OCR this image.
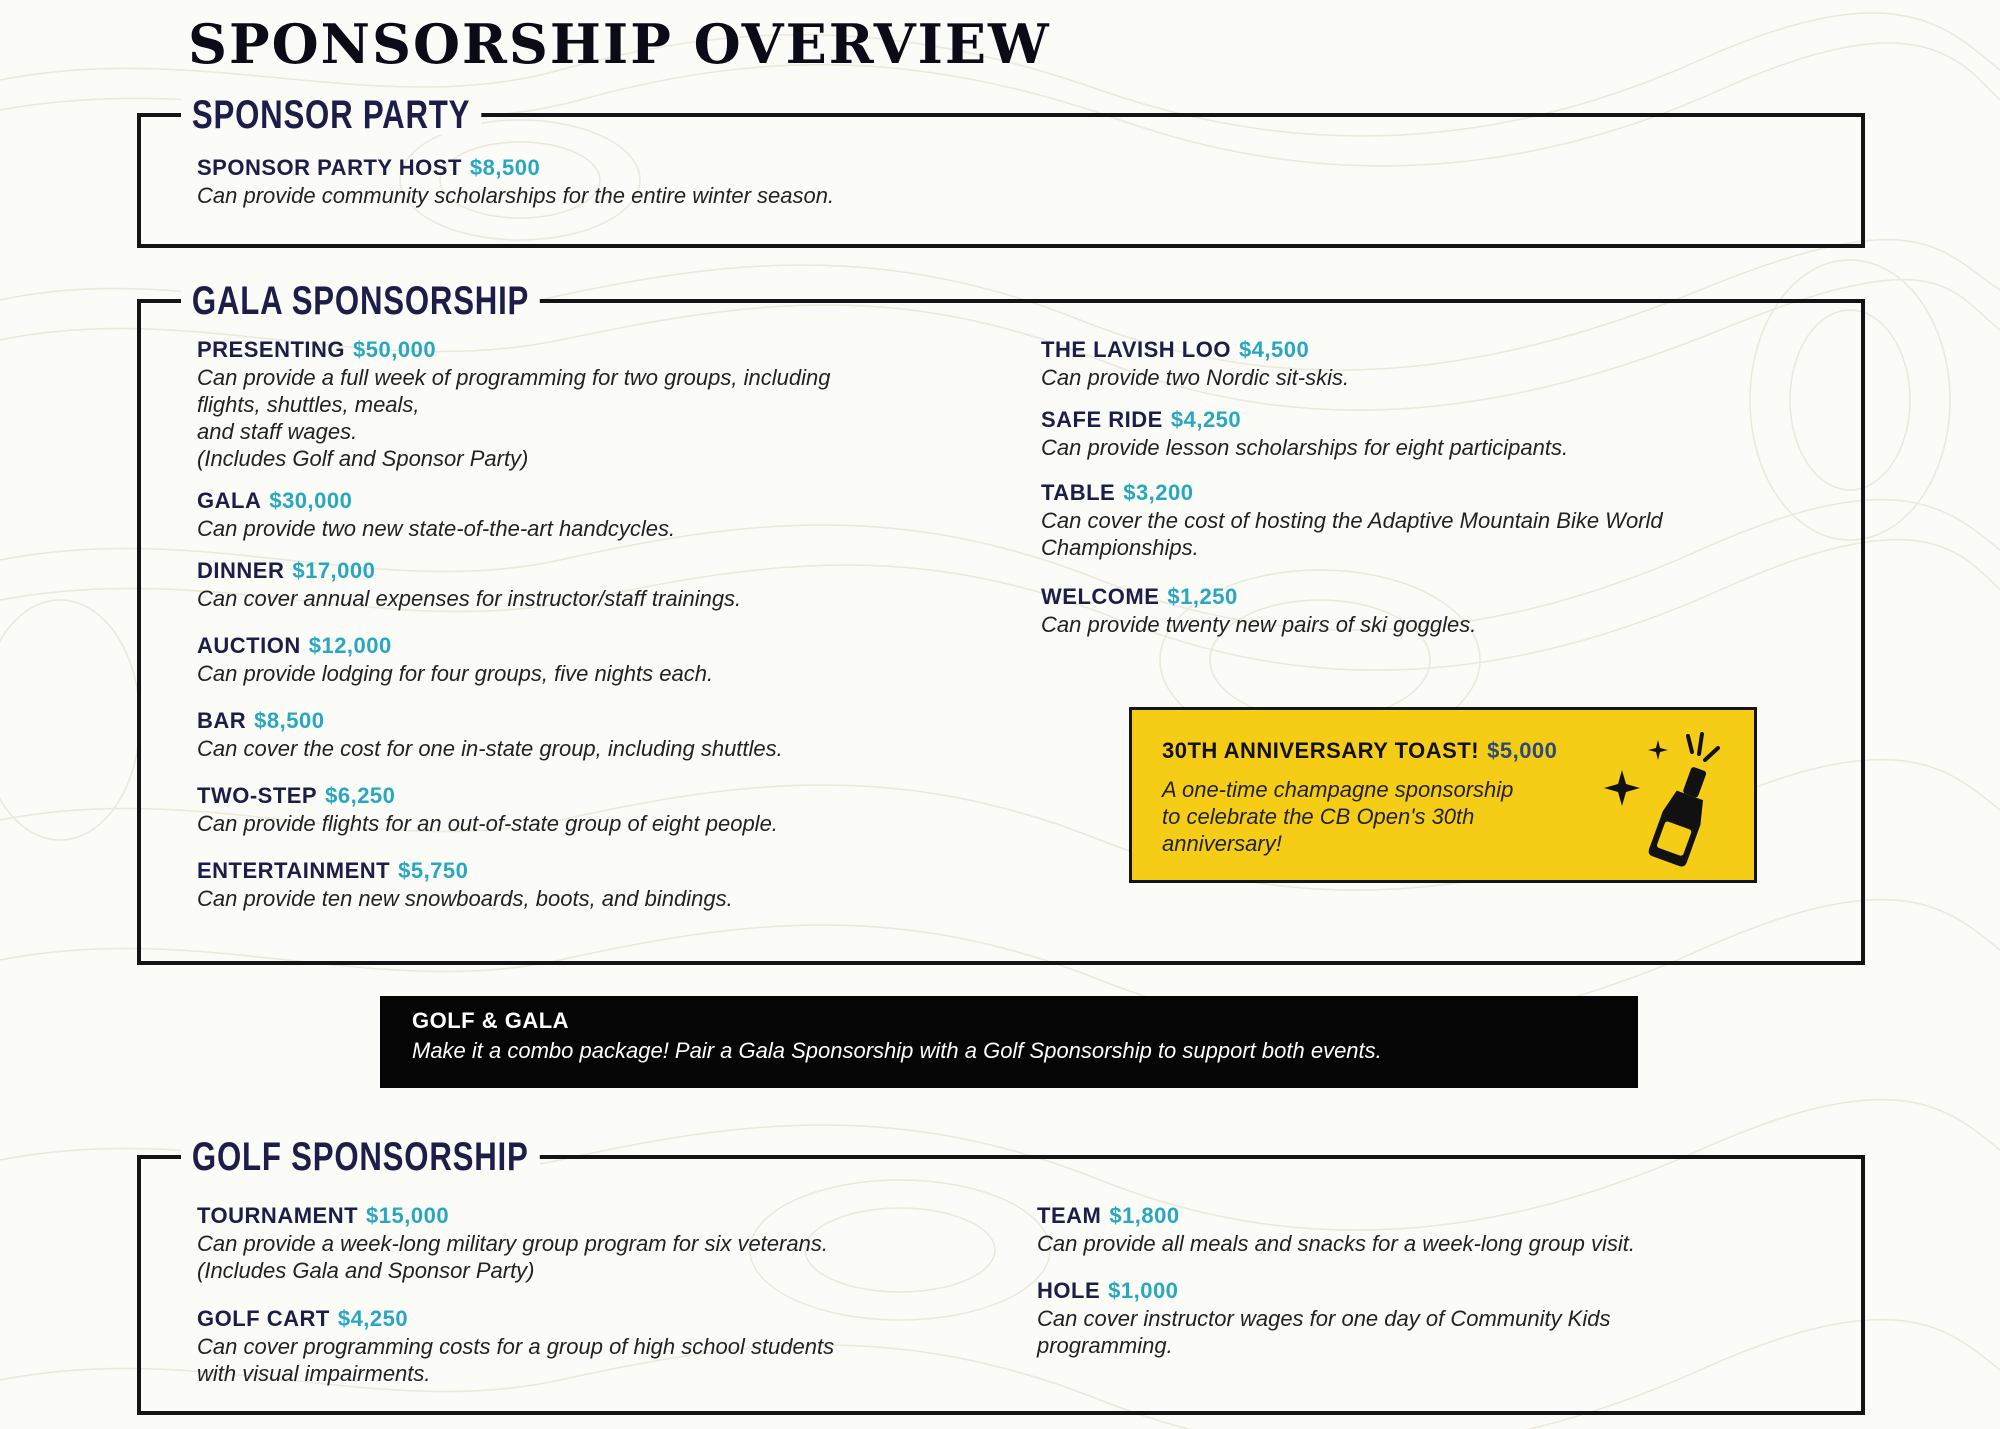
SPONSORSHIP OVERVIEW
SPONSOR PARTY
SPONSOR PARTY HOST $8,500
Can provide community scholarships for the entire winter season.
GALA SPONSORSHIP
PRESENTING $50,000
Can provide a full week of programming for two groups, including
flights, shuttles, meals,
and staff wages.
(Includes Golf and Sponsor Party)
GALA $30,000
Can provide two new state-of-the-art handcycles.
DINNER $17,000
Can cover annual expenses for instructor/staff trainings.
AUCTION $12,000
Can provide lodging for four groups, five nights each.
BAR $8,500
Can cover the cost for one in-state group, including shuttles.
TWO-STEP $6,250
Can provide flights for an out-of-state group of eight people.
ENTERTAINMENT $5,750
Can provide ten new snowboards, boots, and bindings.
THE LAVISH LOO $4,500
Can provide two Nordic sit-skis.
SAFE RIDE $4,250
Can provide lesson scholarships for eight participants.
TABLE $3,200
Can cover the cost of hosting the Adaptive Mountain Bike World
Championships.
WELCOME $1,250
Can provide twenty new pairs of ski goggles.
30TH ANNIVERSARY TOAST! $5,000
A one-time champagne sponsorship
to celebrate the CB Open's 30th
anniversary!
GOLF & GALA
Make it a combo package! Pair a Gala Sponsorship with a Golf Sponsorship to support both events.
GOLF SPONSORSHIP
TOURNAMENT $15,000
Can provide a week-long military group program for six veterans.
(Includes Gala and Sponsor Party)
GOLF CART $4,250
Can cover programming costs for a group of high school students
with visual impairments.
TEAM $1,800
Can provide all meals and snacks for a week-long group visit.
HOLE $1,000
Can cover instructor wages for one day of Community Kids
programming.
